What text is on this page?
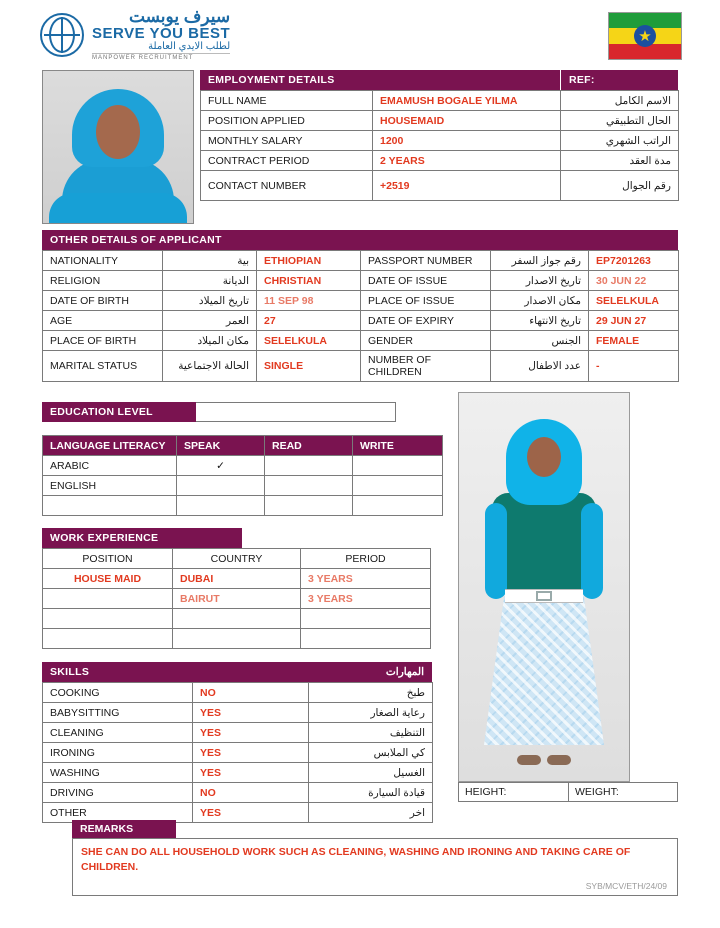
سيرف يوبست
SERVE YOU BEST
لطلب الايدي العاملة
MANPOWER RECRUITMENT
★
EMPLOYMENT DETAILS	REF:
FULL NAME	EMAMUSH BOGALE YILMA	الاسم الكامل
POSITION APPLIED	HOUSEMAID	الحال التطبيقي
MONTHLY SALARY	1200	الراتب الشهري
CONTRACT PERIOD	2 YEARS	مدة العقد
CONTACT NUMBER	+2519	رقم الجوال
OTHER DETAILS OF APPLICANT
NATIONALITY	بية	ETHIOPIAN	PASSPORT NUMBER	رقم جواز السفر	EP7201263
RELIGION	الديانة	CHRISTIAN	DATE OF ISSUE	تاريخ الاصدار	30 JUN 22
DATE OF BIRTH	تاريخ الميلاد	11 SEP 98	PLACE OF ISSUE	مكان الاصدار	SELELKULA
AGE	العمر	27	DATE OF EXPIRY	تاريخ الانتهاء	29 JUN 27
PLACE OF BIRTH	مكان الميلاد	SELELKULA	GENDER	الجنس	FEMALE
MARITAL STATUS	الحالة الاجتماعية	SINGLE	NUMBER OF CHILDREN	عدد الاطفال	-
EDUCATION LEVEL
LANGUAGE LITERACY	SPEAK	READ	WRITE
ARABIC	✓		
ENGLISH			

WORK EXPERIENCE
POSITION	COUNTRY	PERIOD
HOUSE MAID	DUBAI	3 YEARS
	BAIRUT	3 YEARS

SKILLS	المهارات
COOKING	NO	طبخ
BABYSITTING	YES	رعاية الصغار
CLEANING	YES	التنظيف
IRONING	YES	كي الملابس
WASHING	YES	الغسيل
DRIVING	NO	قيادة السيارة
OTHER	YES	اخر
HEIGHT:	WEIGHT:
REMARKS
SHE CAN DO ALL HOUSEHOLD WORK SUCH AS CLEANING, WASHING AND IRONING AND TAKING CARE OF CHILDREN.
SYB/MCV/ETH/24/09
